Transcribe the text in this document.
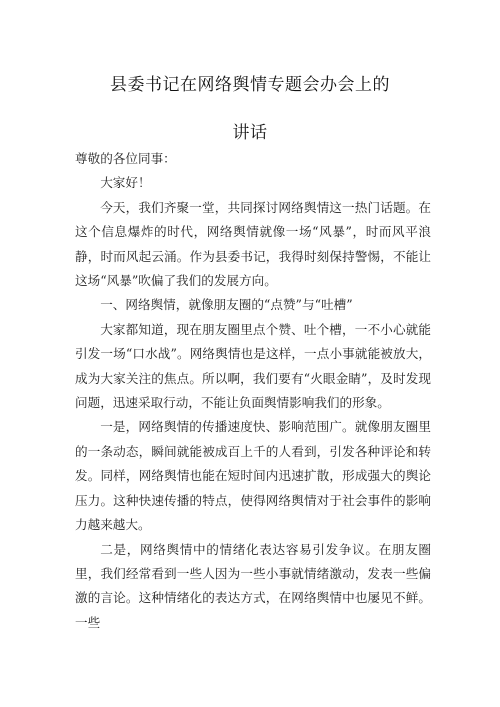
县委书记在网络舆情专题会办会上的
讲话

尊敬的各位同事：

大家好！

今天，我们齐聚一堂，共同探讨网络舆情这一热门话题。在这个信息爆炸的时代，网络舆情就像一场“风暴”，时而风平浪静，时而风起云涌。作为县委书记，我得时刻保持警惕，不能让这场“风暴”吹偏了我们的发展方向。

一、网络舆情，就像朋友圈的“点赞”与“吐槽”

大家都知道，现在朋友圈里点个赞、吐个槽，一不小心就能引发一场“口水战”。网络舆情也是这样，一点小事就能被放大，成为大家关注的焦点。所以啊，我们要有“火眼金睛”，及时发现问题，迅速采取行动，不能让负面舆情影响我们的形象。

一是，网络舆情的传播速度快、影响范围广。就像朋友圈里的一条动态，瞬间就能被成百上千的人看到，引发各种评论和转发。同样，网络舆情也能在短时间内迅速扩散，形成强大的舆论压力。这种快速传播的特点，使得网络舆情对于社会事件的影响力越来越大。

二是，网络舆情中的情绪化表达容易引发争议。在朋友圈里，我们经常看到一些人因为一些小事就情绪激动，发表一些偏激的言论。这种情绪化的表达方式，在网络舆情中也屡见不鲜。一些
